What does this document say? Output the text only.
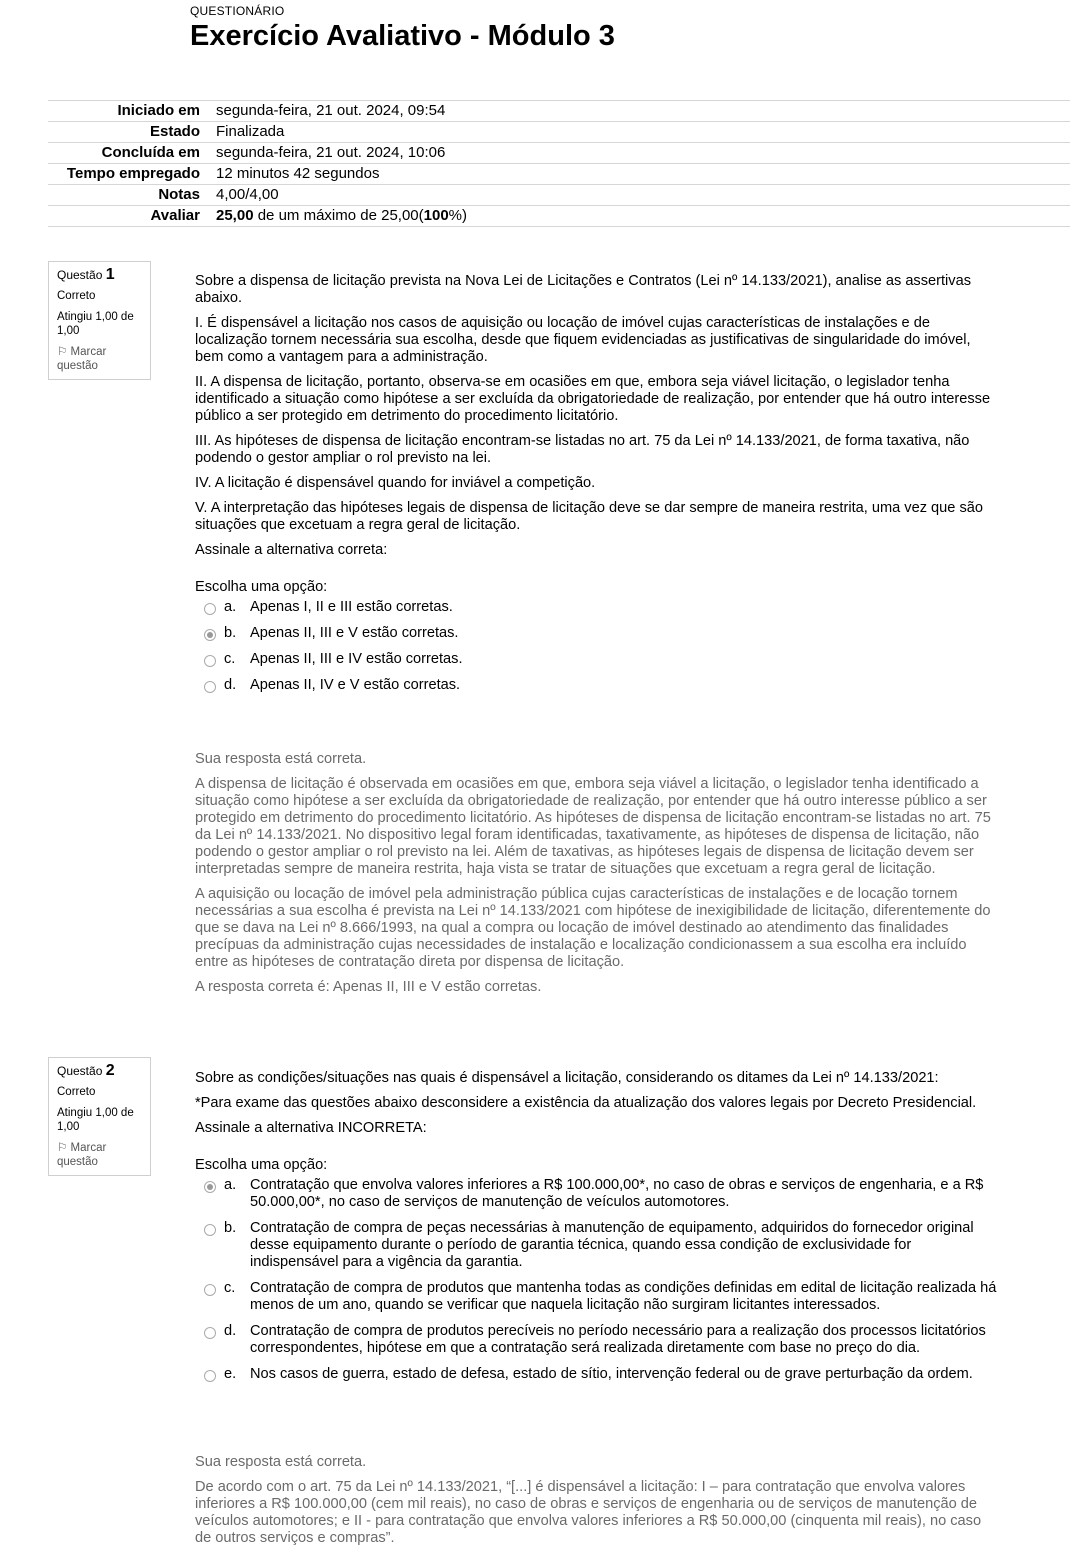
QUESTIONÁRIO
Exercício Avaliativo - Módulo 3
Iniciado em	segunda-feira, 21 out. 2024, 09:54
Estado	Finalizada
Concluída em	segunda-feira, 21 out. 2024, 10:06
Tempo empregado	12 minutos 42 segundos
Notas	4,00/4,00
Avaliar	25,00 de um máximo de 25,00(100%)
Questão 1
Correto
Atingiu 1,00 de 1,00
⚐ Marcar questão

Sobre a dispensa de licitação prevista na Nova Lei de Licitações e Contratos (Lei nº 14.133/2021), analise as assertivas abaixo.

I. É dispensável a licitação nos casos de aquisição ou locação de imóvel cujas características de instalações e de localização tornem necessária sua escolha, desde que fiquem evidenciadas as justificativas de singularidade do imóvel, bem como a vantagem para a administração.

II. A dispensa de licitação, portanto, observa-se em ocasiões em que, embora seja viável licitação, o legislador tenha identificado a situação como hipótese a ser excluída da obrigatoriedade de realização, por entender que há outro interesse público a ser protegido em detrimento do procedimento licitatório.

III. As hipóteses de dispensa de licitação encontram-se listadas no art. 75 da Lei nº 14.133/2021, de forma taxativa, não podendo o gestor ampliar o rol previsto na lei.

IV. A licitação é dispensável quando for inviável a competição.

V. A interpretação das hipóteses legais de dispensa de licitação deve se dar sempre de maneira restrita, uma vez que são situações que excetuam a regra geral de licitação.

Assinale a alternativa correta:

Escolha uma opção:

a. Apenas I, II e III estão corretas.
b. Apenas II, III e V estão corretas.
c.	Apenas II, III e IV estão corretas.
d. Apenas II, IV e V estão corretas.

Sua resposta está correta.

A dispensa de licitação é observada em ocasiões em que, embora seja viável a licitação, o legislador tenha identificado a situação como hipótese a ser excluída da obrigatoriedade de realização, por entender que há outro interesse público a ser protegido em detrimento do procedimento licitatório. As hipóteses de dispensa de licitação encontram-se listadas no art. 75 da Lei nº 14.133/2021. No dispositivo legal foram identificadas, taxativamente, as hipóteses de dispensa de licitação, não podendo o gestor ampliar o rol previsto na lei. Além de taxativas, as hipóteses legais de dispensa de licitação devem ser interpretadas sempre de maneira restrita, haja vista se tratar de situações que excetuam a regra geral de licitação.

A aquisição ou locação de imóvel pela administração pública cujas características de instalações e de locação tornem necessárias a sua escolha é prevista na Lei nº 14.133/2021 com hipótese de inexigibilidade de licitação, diferentemente do que se dava na Lei nº 8.666/1993, na qual a compra ou locação de imóvel destinado ao atendimento das finalidades precípuas da administração cujas necessidades de instalação e localização condicionassem a sua escolha era incluído entre as hipóteses de contratação direta por dispensa de licitação.

A resposta correta é: Apenas II, III e V estão corretas.

Questão 2
Correto
Atingiu 1,00 de 1,00
⚐ Marcar questão

Sobre as condições/situações nas quais é dispensável a licitação, considerando os ditames da Lei nº 14.133/2021:

*Para exame das questões abaixo desconsidere a existência da atualização dos valores legais por Decreto Presidencial.

Assinale a alternativa INCORRETA:

Escolha uma opção:

a. Contratação que envolva valores inferiores a R$ 100.000,00*, no caso de obras e serviços de engenharia, e a R$ 50.000,00*, no caso de serviços de manutenção de veículos automotores.
b. Contratação de compra de peças necessárias à manutenção de equipamento, adquiridos do fornecedor original desse equipamento durante o período de garantia técnica, quando essa condição de exclusividade for indispensável para a vigência da garantia.
c.	Contratação de compra de produtos que mantenha todas as condições definidas em edital de licitação realizada há menos de um ano, quando se verificar que naquela licitação não surgiram licitantes interessados.
d. Contratação de compra de produtos perecíveis no período necessário para a realização dos processos licitatórios correspondentes, hipótese em que a contratação será realizada diretamente com base no preço do dia.
e. Nos casos de guerra, estado de defesa, estado de sítio, intervenção federal ou de grave perturbação da ordem.

Sua resposta está correta.

De acordo com o art. 75 da Lei nº 14.133/2021, “[...] é dispensável a licitação: I – para contratação que envolva valores inferiores a R$ 100.000,00 (cem mil reais), no caso de obras e serviços de engenharia ou de serviços de manutenção de veículos automotores; e II - para contratação que envolva valores inferiores a R$ 50.000,00 (cinquenta mil reais), no caso de outros serviços e compras”.
